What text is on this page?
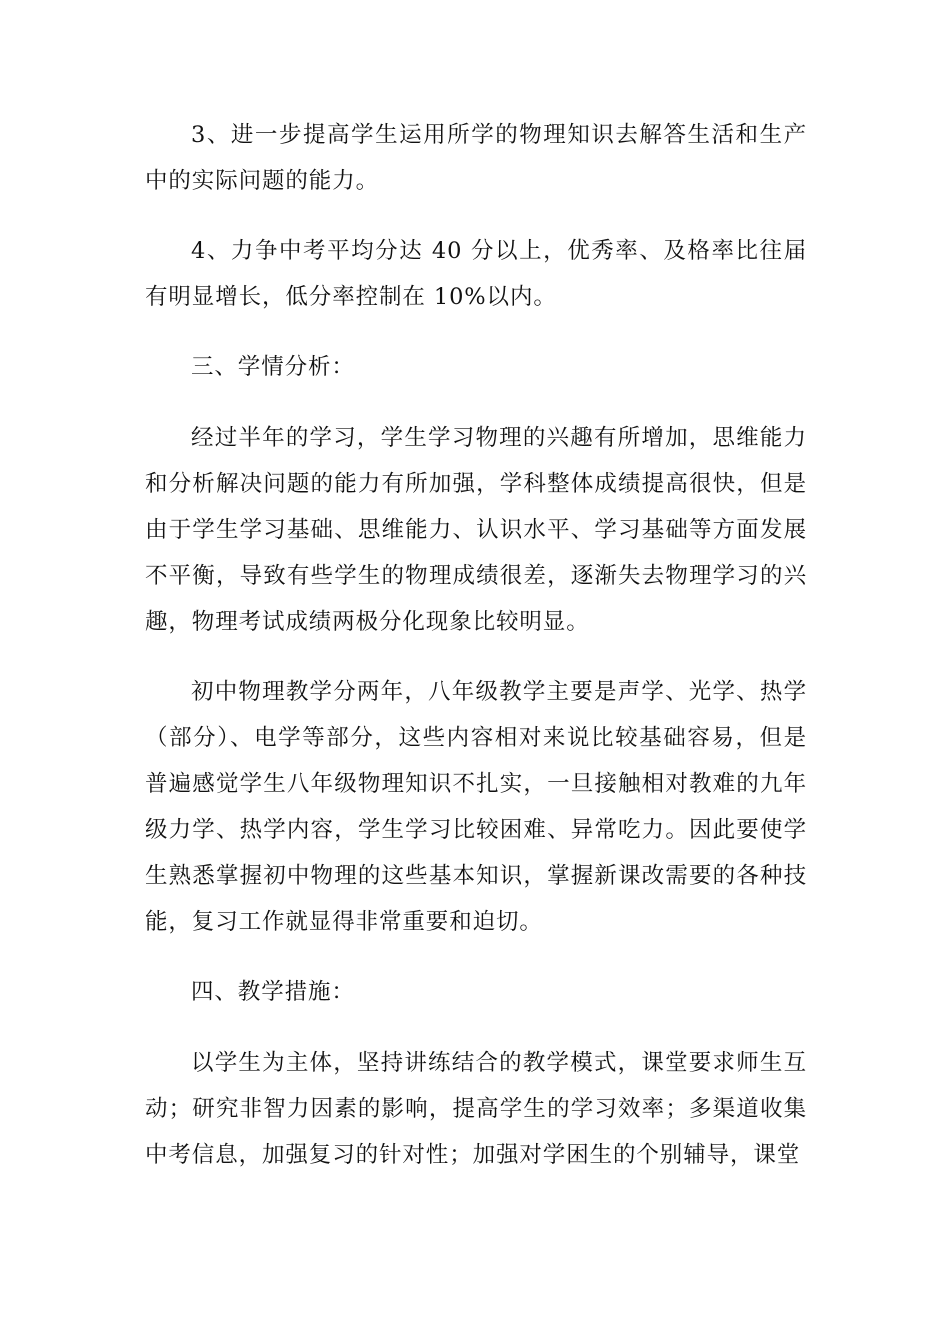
3、进一步提高学生运用所学的物理知识去解答生活和生产中的实际问题的能力。

4、力争中考平均分达 40 分以上，优秀率、及格率比往届有明显增长，低分率控制在 10%以内。

三、学情分析：

经过半年的学习，学生学习物理的兴趣有所增加，思维能力和分析解决问题的能力有所加强，学科整体成绩提高很快，但是由于学生学习基础、思维能力、认识水平、学习基础等方面发展不平衡，导致有些学生的物理成绩很差，逐渐失去物理学习的兴趣，物理考试成绩两极分化现象比较明显。

初中物理教学分两年，八年级教学主要是声学、光学、热学（部分）、电学等部分，这些内容相对来说比较基础容易，但是普遍感觉学生八年级物理知识不扎实，一旦接触相对教难的九年级力学、热学内容，学生学习比较困难、异常吃力。因此要使学生熟悉掌握初中物理的这些基本知识，掌握新课改需要的各种技能，复习工作就显得非常重要和迫切。

四、教学措施：

以学生为主体，坚持讲练结合的教学模式，课堂要求师生互动；研究非智力因素的影响，提高学生的学习效率；多渠道收集中考信息，加强复习的针对性；加强对学困生的个别辅导，课堂
